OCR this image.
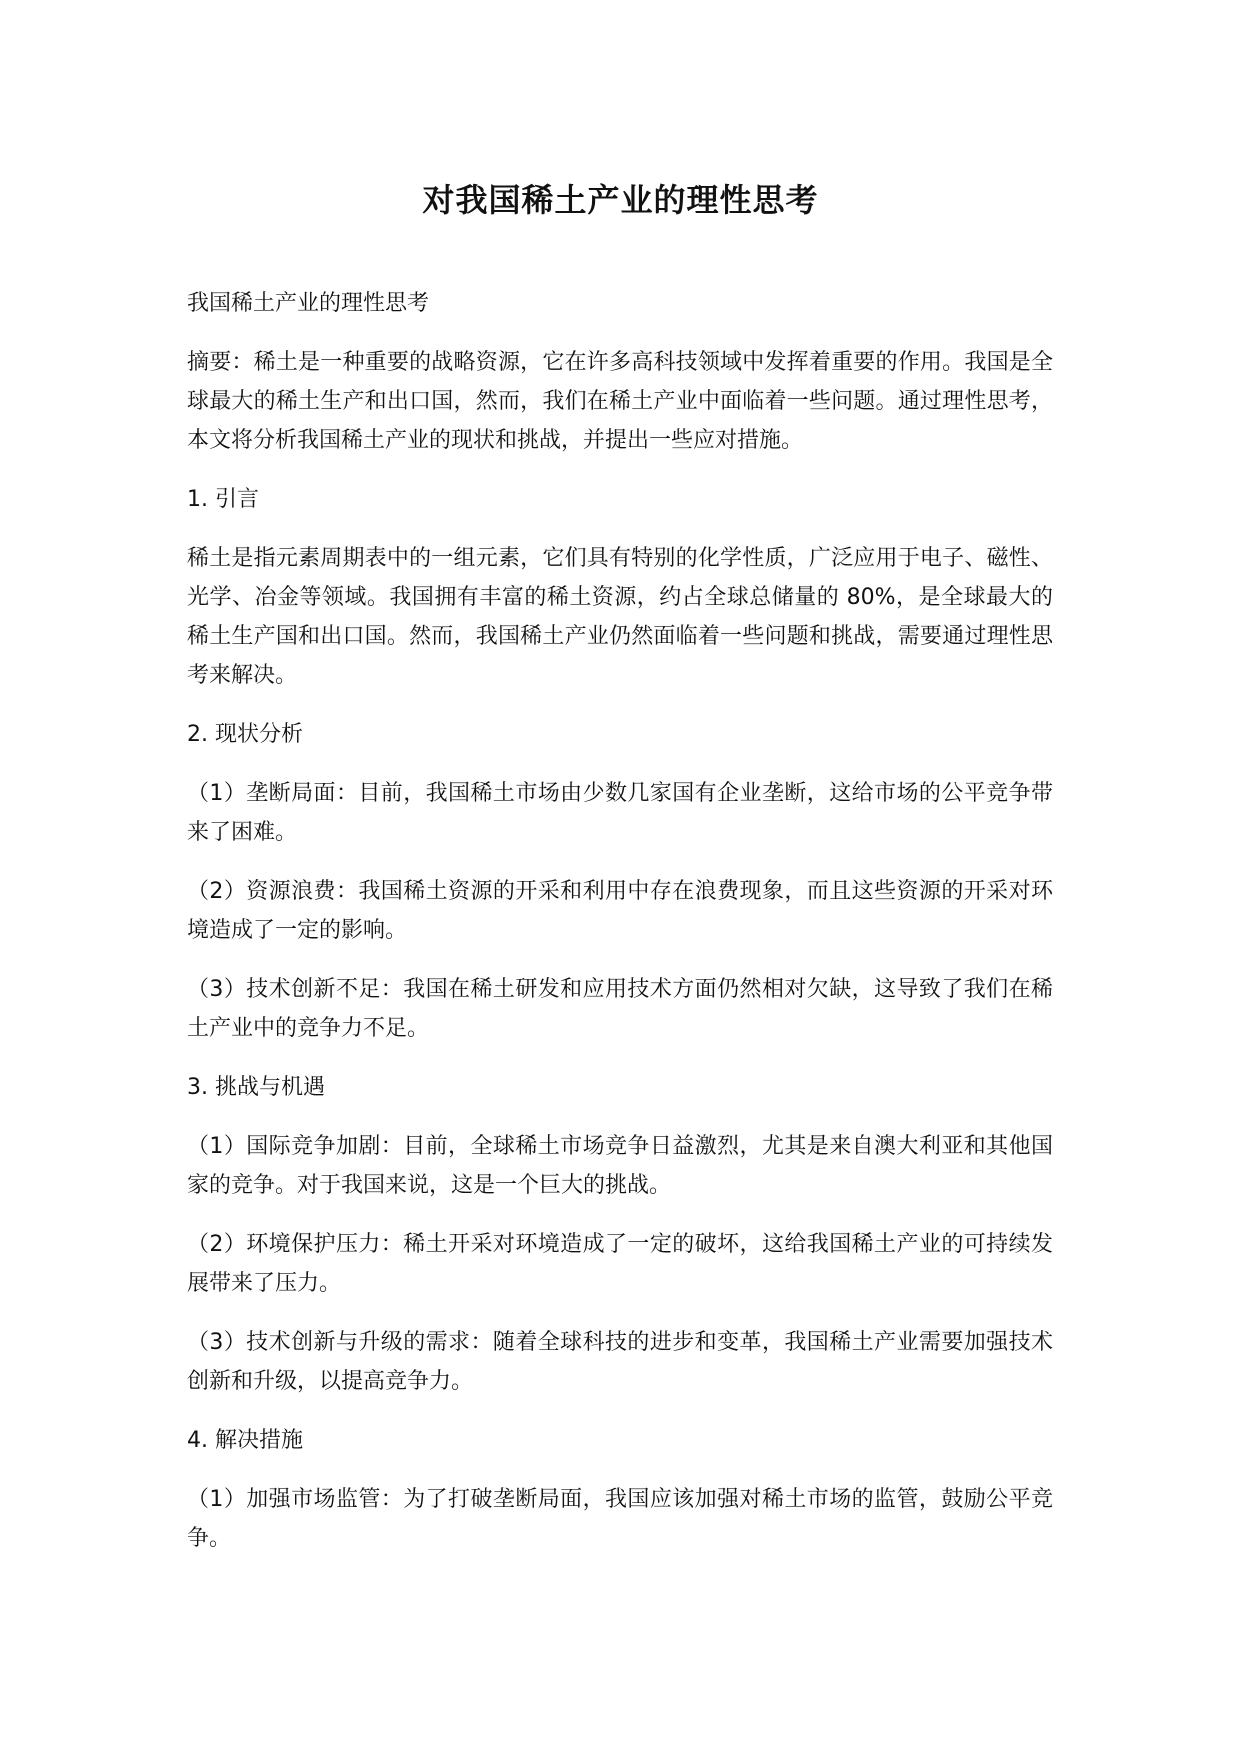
对我国稀土产业的理性思考

我国稀土产业的理性思考

摘要：稀土是一种重要的战略资源，它在许多高科技领域中发挥着重要的作用。我国是全球最大的稀土生产和出口国，然而，我们在稀土产业中面临着一些问题。通过理性思考，本文将分析我国稀土产业的现状和挑战，并提出一些应对措施。

1. 引言

稀土是指元素周期表中的一组元素，它们具有特别的化学性质，广泛应用于电子、磁性、光学、冶金等领域。我国拥有丰富的稀土资源，约占全球总储量的 80%，是全球最大的稀土生产国和出口国。然而，我国稀土产业仍然面临着一些问题和挑战，需要通过理性思考来解决。

2. 现状分析

（1）垄断局面：目前，我国稀土市场由少数几家国有企业垄断，这给市场的公平竞争带来了困难。

（2）资源浪费：我国稀土资源的开采和利用中存在浪费现象，而且这些资源的开采对环境造成了一定的影响。

（3）技术创新不足：我国在稀土研发和应用技术方面仍然相对欠缺，这导致了我们在稀土产业中的竞争力不足。

3. 挑战与机遇

（1）国际竞争加剧：目前，全球稀土市场竞争日益激烈，尤其是来自澳大利亚和其他国家的竞争。对于我国来说，这是一个巨大的挑战。

（2）环境保护压力：稀土开采对环境造成了一定的破坏，这给我国稀土产业的可持续发展带来了压力。

（3）技术创新与升级的需求：随着全球科技的进步和变革，我国稀土产业需要加强技术创新和升级，以提高竞争力。

4. 解决措施

（1）加强市场监管：为了打破垄断局面，我国应该加强对稀土市场的监管，鼓励公平竞争。
